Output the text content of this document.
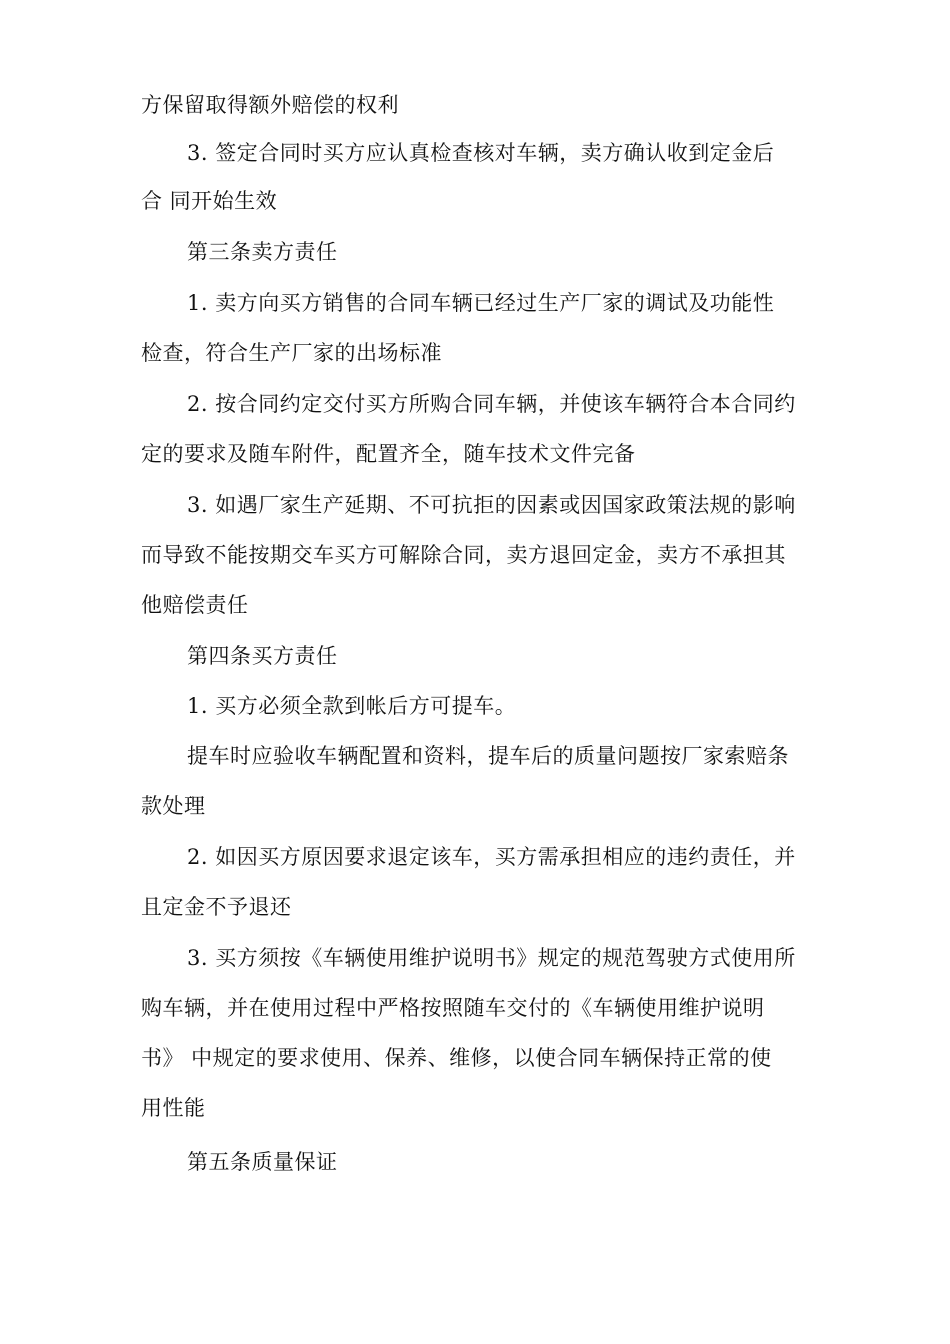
方保留取得额外赔偿的权利
3. 签定合同时买方应认真检查核对车辆，卖方确认收到定金后
合 同开始生效
第三条卖方责任
1. 卖方向买方销售的合同车辆已经过生产厂家的调试及功能性
检查，符合生产厂家的出场标准
2. 按合同约定交付买方所购合同车辆，并使该车辆符合本合同约
定的要求及随车附件，配置齐全，随车技术文件完备
3. 如遇厂家生产延期、不可抗拒的因素或因国家政策法规的影响
而导致不能按期交车买方可解除合同，卖方退回定金，卖方不承担其
他赔偿责任
第四条买方责任
1. 买方必须全款到帐后方可提车。
提车时应验收车辆配置和资料，提车后的质量问题按厂家索赔条
款处理
2. 如因买方原因要求退定该车，买方需承担相应的违约责任，并
且定金不予退还
3. 买方须按《车辆使用维护说明书》规定的规范驾驶方式使用所
购车辆，并在使用过程中严格按照随车交付的《车辆使用维护说明
书》 中规定的要求使用、保养、维修，以使合同车辆保持正常的使
用性能
第五条质量保证
